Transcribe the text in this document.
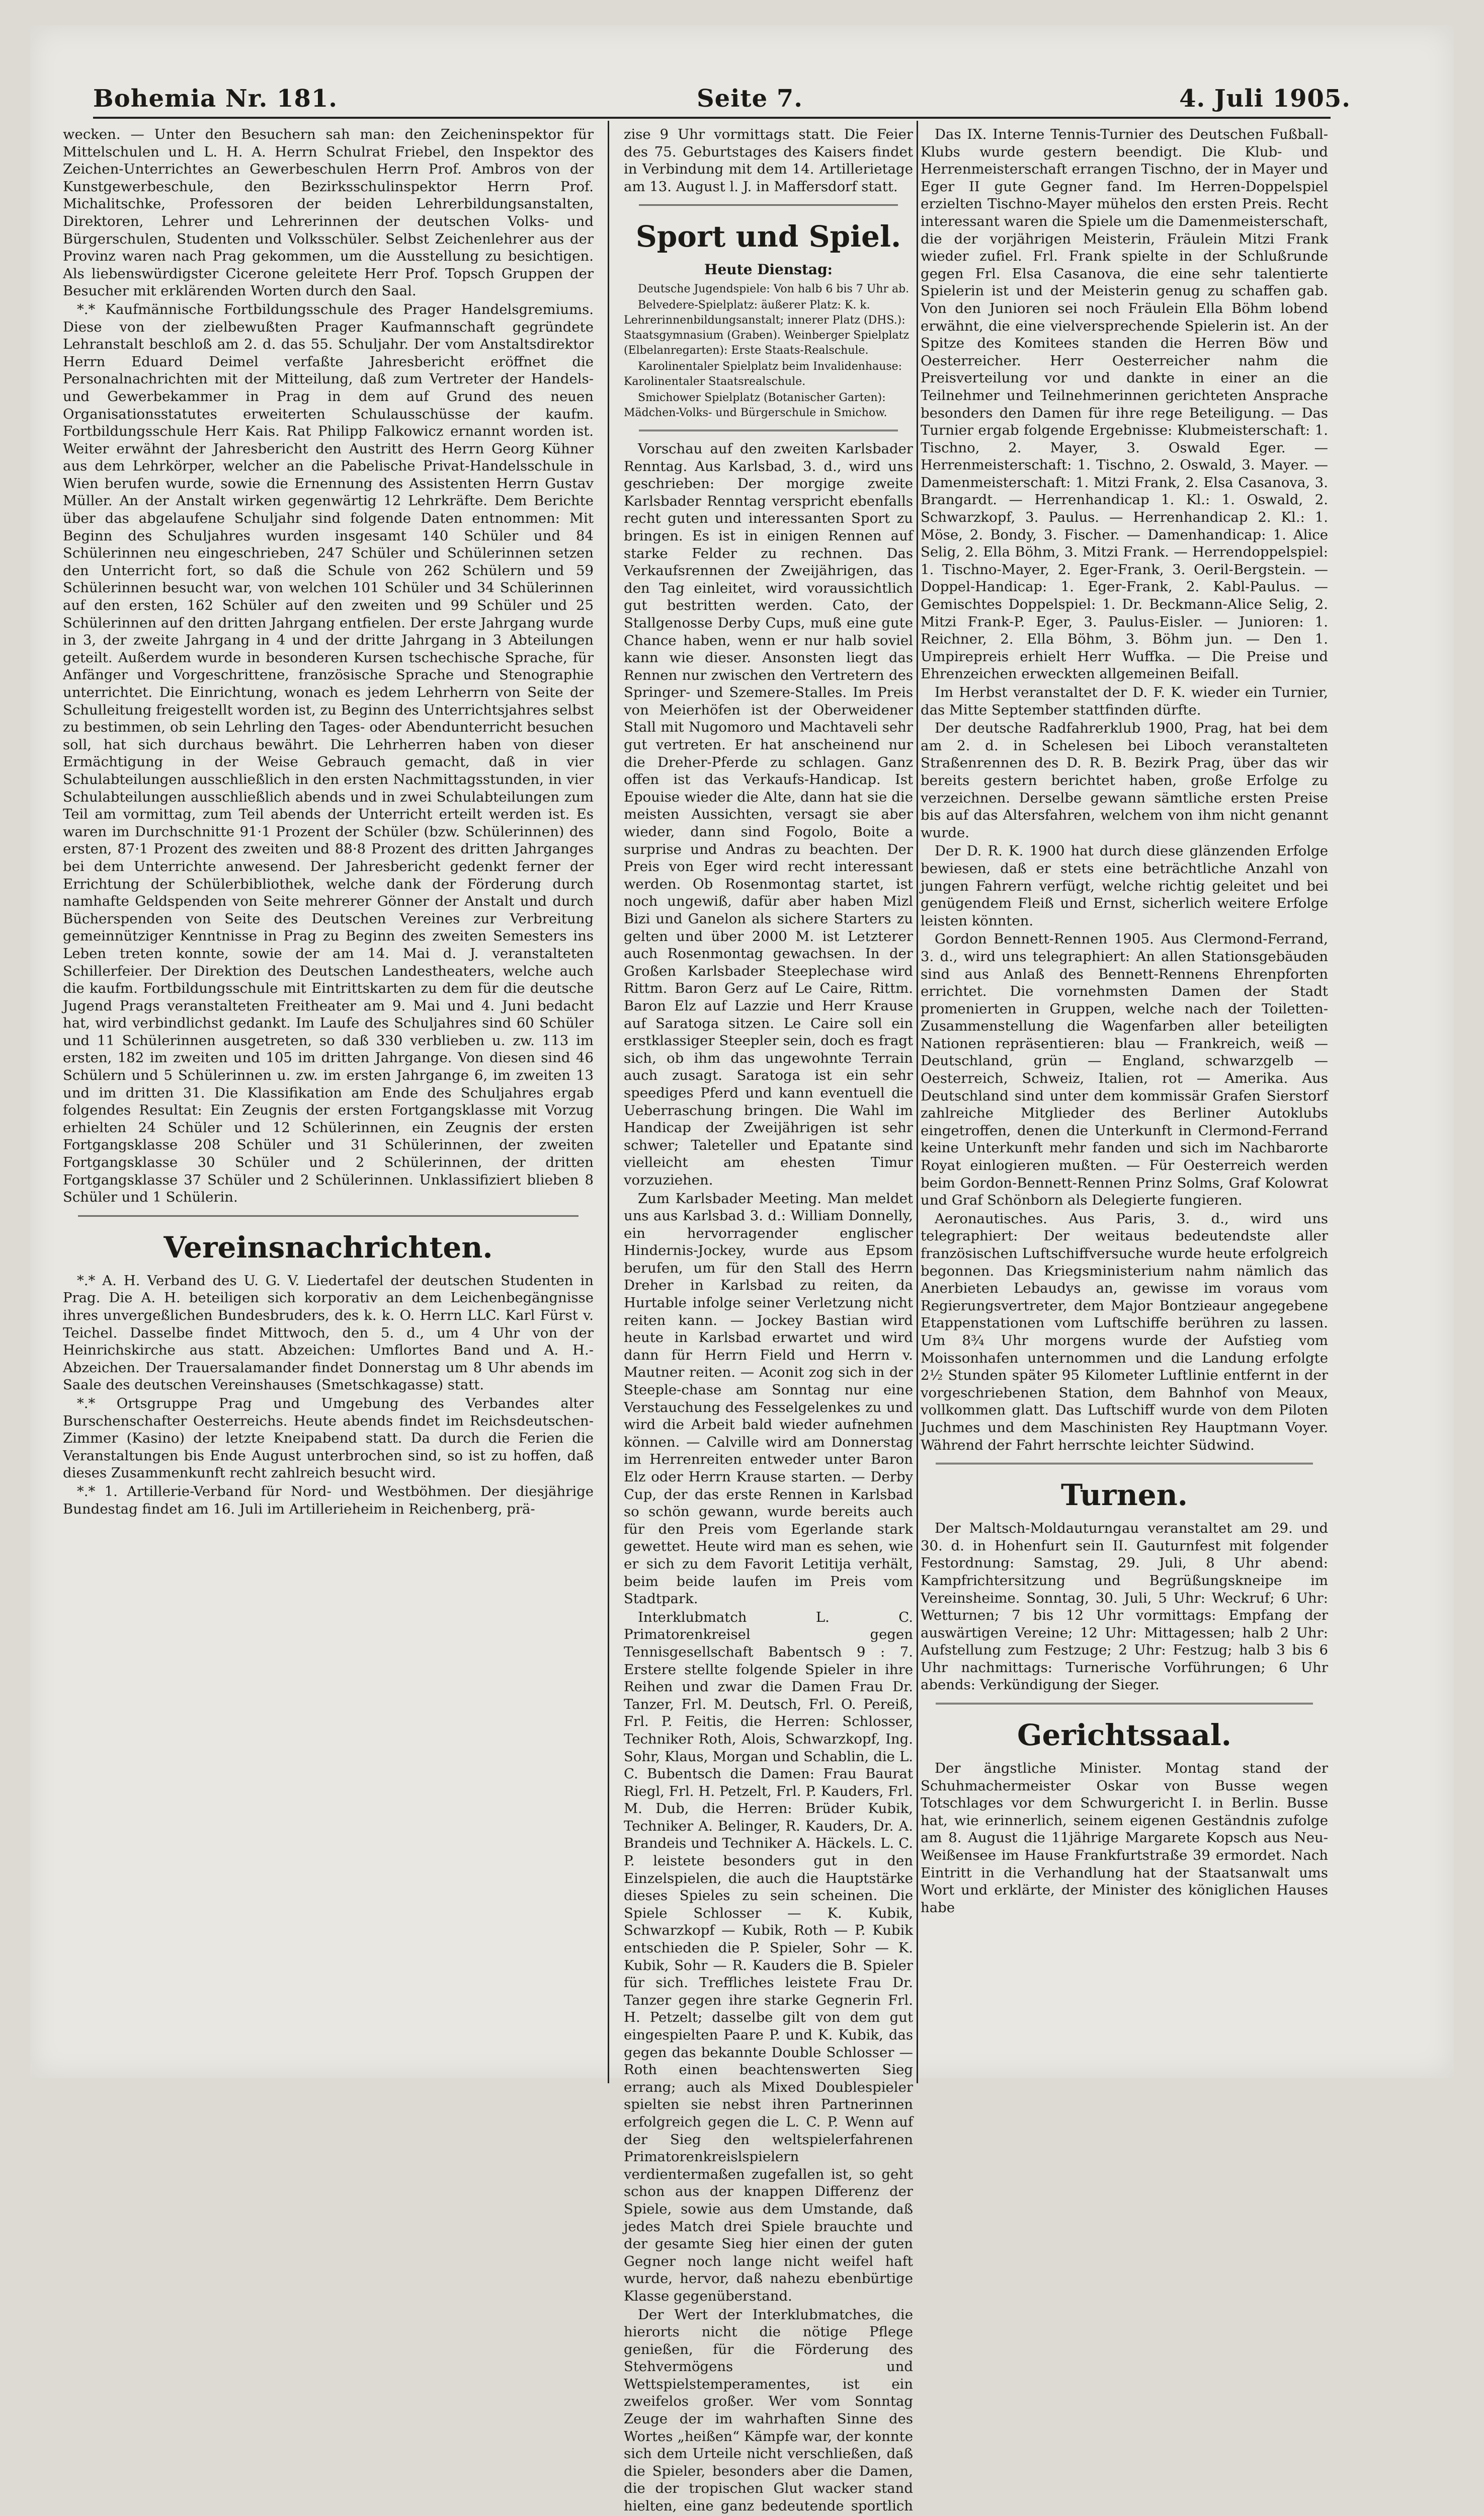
Bohemia Nr. 181.	Seite 7.	4. Juli 1905.

wecken. — Unter den Besuchern sah man: den Zeicheninspektor für Mittelschulen und L. H. A. Herrn Schulrat Friebel, den Inspektor des Zeichen-Unterrichtes an Gewerbeschulen Herrn Prof. Ambros von der Kunstgewerbeschule, den Bezirksschulinspektor Herrn Prof. Michalitschke, Professoren der beiden Lehrerbildungsanstalten, Direktoren, Lehrer und Lehrerinnen der deutschen Volks- und Bürgerschulen, Studenten und Volksschüler. Selbst Zeichenlehrer aus der Provinz waren nach Prag gekommen, um die Ausstellung zu besichtigen. Als liebenswürdigster Cicerone geleitete Herr Prof. Topsch Gruppen der Besucher mit erklärenden Worten durch den Saal.

*.* Kaufmännische Fortbildungsschule des Prager Handelsgremiums. Diese von der zielbewußten Prager Kaufmannschaft gegründete Lehranstalt beschloß am 2. d. das 55. Schuljahr. Der vom Anstaltsdirektor Herrn Eduard Deimel verfaßte Jahresbericht eröffnet die Personalnachrichten mit der Mitteilung, daß zum Vertreter der Handels- und Gewerbekammer in Prag in dem auf Grund des neuen Organisationsstatutes erweiterten Schulausschüsse der kaufm. Fortbildungsschule Herr Kais. Rat Philipp Falkowicz ernannt worden ist. Weiter erwähnt der Jahresbericht den Austritt des Herrn Georg Kühner aus dem Lehrkörper, welcher an die Pabelische Privat-Handelsschule in Wien berufen wurde, sowie die Ernennung des Assistenten Herrn Gustav Müller. An der Anstalt wirken gegenwärtig 12 Lehrkräfte. Dem Berichte über das abgelaufene Schuljahr sind folgende Daten entnommen: Mit Beginn des Schuljahres wurden insgesamt 140 Schüler und 84 Schülerinnen neu eingeschrieben, 247 Schüler und Schülerinnen setzen den Unterricht fort, so daß die Schule von 262 Schülern und 59 Schülerinnen besucht war, von welchen 101 Schüler und 34 Schülerinnen auf den ersten, 162 Schüler auf den zweiten und 99 Schüler und 25 Schülerinnen auf den dritten Jahrgang entfielen. Der erste Jahrgang wurde in 3, der zweite Jahrgang in 4 und der dritte Jahrgang in 3 Abteilungen geteilt. Außerdem wurde in besonderen Kursen tschechische Sprache, für Anfänger und Vorgeschrittene, französische Sprache und Stenographie unterrichtet. Die Einrichtung, wonach es jedem Lehrherrn von Seite der Schulleitung freigestellt worden ist, zu Beginn des Unterrichtsjahres selbst zu bestimmen, ob sein Lehrling den Tages- oder Abendunterricht besuchen soll, hat sich durchaus bewährt. Die Lehrherren haben von dieser Ermächtigung in der Weise Gebrauch gemacht, daß in vier Schulabteilungen ausschließlich in den ersten Nachmittagsstunden, in vier Schulabteilungen ausschließlich abends und in zwei Schulabteilungen zum Teil am vormittag, zum Teil abends der Unterricht erteilt werden ist. Es waren im Durchschnitte 91·1 Prozent der Schüler (bzw. Schülerinnen) des ersten, 87·1 Prozent des zweiten und 88·8 Prozent des dritten Jahrganges bei dem Unterrichte anwesend. Der Jahresbericht gedenkt ferner der Errichtung der Schülerbibliothek, welche dank der Förderung durch namhafte Geldspenden von Seite mehrerer Gönner der Anstalt und durch Bücherspenden von Seite des Deutschen Vereines zur Verbreitung gemeinnütziger Kenntnisse in Prag zu Beginn des zweiten Semesters ins Leben treten konnte, sowie der am 14. Mai d. J. veranstalteten Schillerfeier. Der Direktion des Deutschen Landestheaters, welche auch die kaufm. Fortbildungsschule mit Eintrittskarten zu dem für die deutsche Jugend Prags veranstalteten Freitheater am 9. Mai und 4. Juni bedacht hat, wird verbindlichst gedankt. Im Laufe des Schuljahres sind 60 Schüler und 11 Schülerinnen ausgetreten, so daß 330 verblieben u. zw. 113 im ersten, 182 im zweiten und 105 im dritten Jahrgange. Von diesen sind 46 Schülern und 5 Schülerinnen u. zw. im ersten Jahrgange 6, im zweiten 13 und im dritten 31. Die Klassifikation am Ende des Schuljahres ergab folgendes Resultat: Ein Zeugnis der ersten Fortgangsklasse mit Vorzug erhielten 24 Schüler und 12 Schülerinnen, ein Zeugnis der ersten Fortgangsklasse 208 Schüler und 31 Schülerinnen, der zweiten Fortgangsklasse 30 Schüler und 2 Schülerinnen, der dritten Fortgangsklasse 37 Schüler und 2 Schülerinnen. Unklassifiziert blieben 8 Schüler und 1 Schülerin.

Vereinsnachrichten.

*.* A. H. Verband des U. G. V. Liedertafel der deutschen Studenten in Prag. Die A. H. beteiligen sich korporativ an dem Leichenbegängnisse ihres unvergeßlichen Bundesbruders, des k. k. O. Herrn LLC. Karl Fürst v. Teichel. Dasselbe findet Mittwoch, den 5. d., um 4 Uhr von der Heinrichskirche aus statt. Abzeichen: Umflortes Band und A. H.-Abzeichen. Der Trauersalamander findet Donnerstag um 8 Uhr abends im Saale des deutschen Vereinshauses (Smetschkagasse) statt.

*.* Ortsgruppe Prag und Umgebung des Verbandes alter Burschenschafter Oesterreichs. Heute abends findet im Reichsdeutschen-Zimmer (Kasino) der letzte Kneipabend statt. Da durch die Ferien die Veranstaltungen bis Ende August unterbrochen sind, so ist zu hoffen, daß dieses Zusammenkunft recht zahlreich besucht wird.

*.* 1. Artillerie-Verband für Nord- und Westböhmen. Der diesjährige Bundestag findet am 16. Juli im Artillerieheim in Reichenberg, prä-

zise 9 Uhr vormittags statt. Die Feier des 75. Geburtstages des Kaisers findet in Verbindung mit dem 14. Artillerietage am 13. August l. J. in Maffersdorf statt.

Sport und Spiel.
Heute Dienstag:

Deutsche Jugendspiele: Von halb 6 bis 7 Uhr ab.

Belvedere-Spielplatz: äußerer Platz: K. k. Lehrerinnenbildungsanstalt; innerer Platz (DHS.): Staatsgymnasium (Graben). Weinberger Spielplatz (Elbelanregarten): Erste Staats-Realschule.

Karolinentaler Spielplatz beim Invalidenhause: Karolinentaler Staatsrealschule.

Smichower Spielplatz (Botanischer Garten): Mädchen-Volks- und Bürgerschule in Smichow.

Vorschau auf den zweiten Karlsbader Renntag. Aus Karlsbad, 3. d., wird uns geschrieben: Der morgige zweite Karlsbader Renntag verspricht ebenfalls recht guten und interessanten Sport zu bringen. Es ist in einigen Rennen auf starke Felder zu rechnen. Das Verkaufsrennen der Zweijährigen, das den Tag einleitet, wird voraussichtlich gut bestritten werden. Cato, der Stallgenosse Derby Cups, muß eine gute Chance haben, wenn er nur halb soviel kann wie dieser. Ansonsten liegt das Rennen nur zwischen den Vertretern des Springer- und Szemere-Stalles. Im Preis von Meierhöfen ist der Oberweidener Stall mit Nugomoro und Machtaveli sehr gut vertreten. Er hat anscheinend nur die Dreher-Pferde zu schlagen. Ganz offen ist das Verkaufs-Handicap. Ist Epouise wieder die Alte, dann hat sie die meisten Aussichten, versagt sie aber wieder, dann sind Fogolo, Boite a surprise und Andras zu beachten. Der Preis von Eger wird recht interessant werden. Ob Rosenmontag startet, ist noch ungewiß, dafür aber haben Mizl Bizi und Ganelon als sichere Starters zu gelten und über 2000 M. ist Letzterer auch Rosenmontag gewachsen. In der Großen Karlsbader Steeplechase wird Rittm. Baron Gerz auf Le Caire, Rittm. Baron Elz auf Lazzie und Herr Krause auf Saratoga sitzen. Le Caire soll ein erstklassiger Steepler sein, doch es fragt sich, ob ihm das ungewohnte Terrain auch zusagt. Saratoga ist ein sehr speediges Pferd und kann eventuell die Ueberraschung bringen. Die Wahl im Handicap der Zweijährigen ist sehr schwer; Taleteller und Epatante sind vielleicht am ehesten Timur vorzuziehen.

Zum Karlsbader Meeting. Man meldet uns aus Karlsbad 3. d.: William Donnelly, ein hervorragender englischer Hindernis-Jockey, wurde aus Epsom berufen, um für den Stall des Herrn Dreher in Karlsbad zu reiten, da Hurtable infolge seiner Verletzung nicht reiten kann. — Jockey Bastian wird heute in Karlsbad erwartet und wird dann für Herrn Field und Herrn v. Mautner reiten. — Aconit zog sich in der Steeple-chase am Sonntag nur eine Verstauchung des Fesselgelenkes zu und wird die Arbeit bald wieder aufnehmen können. — Calville wird am Donnerstag im Herrenreiten entweder unter Baron Elz oder Herrn Krause starten. — Derby Cup, der das erste Rennen in Karlsbad so schön gewann, wurde bereits auch für den Preis vom Egerlande stark gewettet. Heute wird man es sehen, wie er sich zu dem Favorit Letitija verhält, beim beide laufen im Preis vom Stadtpark.

Interklubmatch L. C. Primatorenkreisel gegen Tennisgesellschaft Babentsch 9 : 7. Erstere stellte folgende Spieler in ihre Reihen und zwar die Damen Frau Dr. Tanzer, Frl. M. Deutsch, Frl. O. Pereiß, Frl. P. Feitis, die Herren: Schlosser, Techniker Roth, Alois, Schwarzkopf, Ing. Sohr, Klaus, Morgan und Schablin, die L. C. Bubentsch die Damen: Frau Baurat Riegl, Frl. H. Petzelt, Frl. P. Kauders, Frl. M. Dub, die Herren: Brüder Kubik, Techniker A. Belinger, R. Kauders, Dr. A. Brandeis und Techniker A. Häckels. L. C. P. leistete besonders gut in den Einzelspielen, die auch die Hauptstärke dieses Spieles zu sein scheinen. Die Spiele Schlosser — K. Kubik, Schwarzkopf — Kubik, Roth — P. Kubik entschieden die P. Spieler, Sohr — K. Kubik, Sohr — R. Kauders die B. Spieler für sich. Treffliches leistete Frau Dr. Tanzer gegen ihre starke Gegnerin Frl. H. Petzelt; dasselbe gilt von dem gut eingespielten Paare P. und K. Kubik, das gegen das bekannte Double Schlosser — Roth einen beachtenswerten Sieg errang; auch als Mixed Doublespieler spielten sie nebst ihren Partnerinnen erfolgreich gegen die L. C. P. Wenn auf der Sieg den weltspielerfahrenen Primatorenkreislspielern verdientermaßen zugefallen ist, so geht schon aus der knappen Differenz der Spiele, sowie aus dem Umstande, daß jedes Match drei Spiele brauchte und der gesamte Sieg hier einen der guten Gegner noch lange nicht weifel haft wurde, hervor, daß nahezu ebenbürtige Klasse gegenüberstand.

Der Wert der Interklubmatches, die hierorts nicht die nötige Pflege genießen, für die Förderung des Stehvermögens und Wettspielstemperamentes, ist ein zweifelos großer. Wer vom Sonntag Zeuge der im wahrhaften Sinne des Wortes „heißen“ Kämpfe war, der konnte sich dem Urteile nicht verschließen, daß die Spieler, besonders aber die Damen, die der tropischen Glut wacker stand hielten, eine ganz bedeutende sportlich

Das IX. Interne Tennis-Turnier des Deutschen Fußball-Klubs wurde gestern beendigt. Die Klub- und Herrenmeisterschaft errangen Tischno, der in Mayer und Eger II gute Gegner fand. Im Herren-Doppelspiel erzielten Tischno-Mayer mühelos den ersten Preis. Recht interessant waren die Spiele um die Damenmeisterschaft, die der vorjährigen Meisterin, Fräulein Mitzi Frank wieder zufiel. Frl. Frank spielte in der Schlußrunde gegen Frl. Elsa Casanova, die eine sehr talentierte Spielerin ist und der Meisterin genug zu schaffen gab. Von den Junioren sei noch Fräulein Ella Böhm lobend erwähnt, die eine vielversprechende Spielerin ist. An der Spitze des Komitees standen die Herren Böw und Oesterreicher. Herr Oesterreicher nahm die Preisverteilung vor und dankte in einer an die Teilnehmer und Teilnehmerinnen gerichteten Ansprache besonders den Damen für ihre rege Beteiligung. — Das Turnier ergab folgende Ergebnisse: Klubmeisterschaft: 1. Tischno, 2. Mayer, 3. Oswald Eger. — Herrenmeisterschaft: 1. Tischno, 2. Oswald, 3. Mayer. — Damenmeisterschaft: 1. Mitzi Frank, 2. Elsa Casanova, 3. Brangardt. — Herrenhandicap 1. Kl.: 1. Oswald, 2. Schwarzkopf, 3. Paulus. — Herrenhandicap 2. Kl.: 1. Möse, 2. Bondy, 3. Fischer. — Damenhandicap: 1. Alice Selig, 2. Ella Böhm, 3. Mitzi Frank. — Herrendoppelspiel: 1. Tischno-Mayer, 2. Eger-Frank, 3. Oeril-Bergstein. — Doppel-Handicap: 1. Eger-Frank, 2. Kabl-Paulus. — Gemischtes Doppelspiel: 1. Dr. Beckmann-Alice Selig, 2. Mitzi Frank-P. Eger, 3. Paulus-Eisler. — Junioren: 1. Reichner, 2. Ella Böhm, 3. Böhm jun. — Den 1. Umpirepreis erhielt Herr Wuffka. — Die Preise und Ehrenzeichen erweckten allgemeinen Beifall.

Im Herbst veranstaltet der D. F. K. wieder ein Turnier, das Mitte September stattfinden dürfte.

Der deutsche Radfahrerklub 1900, Prag, hat bei dem am 2. d. in Schelesen bei Liboch veranstalteten Straßenrennen des D. R. B. Bezirk Prag, über das wir bereits gestern berichtet haben, große Erfolge zu verzeichnen. Derselbe gewann sämtliche ersten Preise bis auf das Altersfahren, welchem von ihm nicht genannt wurde.

Der D. R. K. 1900 hat durch diese glänzenden Erfolge bewiesen, daß er stets eine beträchtliche Anzahl von jungen Fahrern verfügt, welche richtig geleitet und bei genügendem Fleiß und Ernst, sicherlich weitere Erfolge leisten könnten.

Gordon Bennett-Rennen 1905. Aus Clermond-Ferrand, 3. d., wird uns telegraphiert: An allen Stationsgebäuden sind aus Anlaß des Bennett-Rennens Ehrenpforten errichtet. Die vornehmsten Damen der Stadt promenierten in Gruppen, welche nach der Toiletten-Zusammenstellung die Wagenfarben aller beteiligten Nationen repräsentieren: blau — Frankreich, weiß — Deutschland, grün — England, schwarzgelb — Oesterreich, Schweiz, Italien, rot — Amerika. Aus Deutschland sind unter dem kommissär Grafen Sierstorf zahlreiche Mitglieder des Berliner Autoklubs eingetroffen, denen die Unterkunft in Clermond-Ferrand keine Unterkunft mehr fanden und sich im Nachbarorte Royat einlogieren mußten. — Für Oesterreich werden beim Gordon-Bennett-Rennen Prinz Solms, Graf Kolowrat und Graf Schönborn als Delegierte fungieren.

Aeronautisches. Aus Paris, 3. d., wird uns telegraphiert: Der weitaus bedeutendste aller französischen Luftschiffversuche wurde heute erfolgreich begonnen. Das Kriegsministerium nahm nämlich das Anerbieten Lebaudys an, gewisse im voraus vom Regierungsvertreter, dem Major Bontzieaur angegebene Etappenstationen vom Luftschiffe berühren zu lassen. Um 8¾ Uhr morgens wurde der Aufstieg vom Moissonhafen unternommen und die Landung erfolgte 2½ Stunden später 95 Kilometer Luftlinie entfernt in der vorgeschriebenen Station, dem Bahnhof von Meaux, vollkommen glatt. Das Luftschiff wurde von dem Piloten Juchmes und dem Maschinisten Rey Hauptmann Voyer. Während der Fahrt herrschte leichter Südwind.

Turnen.

Der Maltsch-Moldauturngau veranstaltet am 29. und 30. d. in Hohenfurt sein II. Gauturnfest mit folgender Festordnung: Samstag, 29. Juli, 8 Uhr abend: Kampfrichtersitzung und Begrüßungskneipe im Vereinsheime. Sonntag, 30. Juli, 5 Uhr: Weckruf; 6 Uhr: Wetturnen; 7 bis 12 Uhr vormittags: Empfang der auswärtigen Vereine; 12 Uhr: Mittagessen; halb 2 Uhr: Aufstellung zum Festzuge; 2 Uhr: Festzug; halb 3 bis 6 Uhr nachmittags: Turnerische Vorführungen; 6 Uhr abends: Verkündigung der Sieger.

Gerichtssaal.

Der ängstliche Minister. Montag stand der Schuhmachermeister Oskar von Busse wegen Totschlages vor dem Schwurgericht I. in Berlin. Busse hat, wie erinnerlich, seinem eigenen Geständnis zufolge am 8. August die 11jährige Margarete Kopsch aus Neu-Weißensee im Hause Frankfurtstraße 39 ermordet. Nach Eintritt in die Verhandlung hat der Staatsanwalt ums Wort und erklärte, der Minister des königlichen Hauses habe
